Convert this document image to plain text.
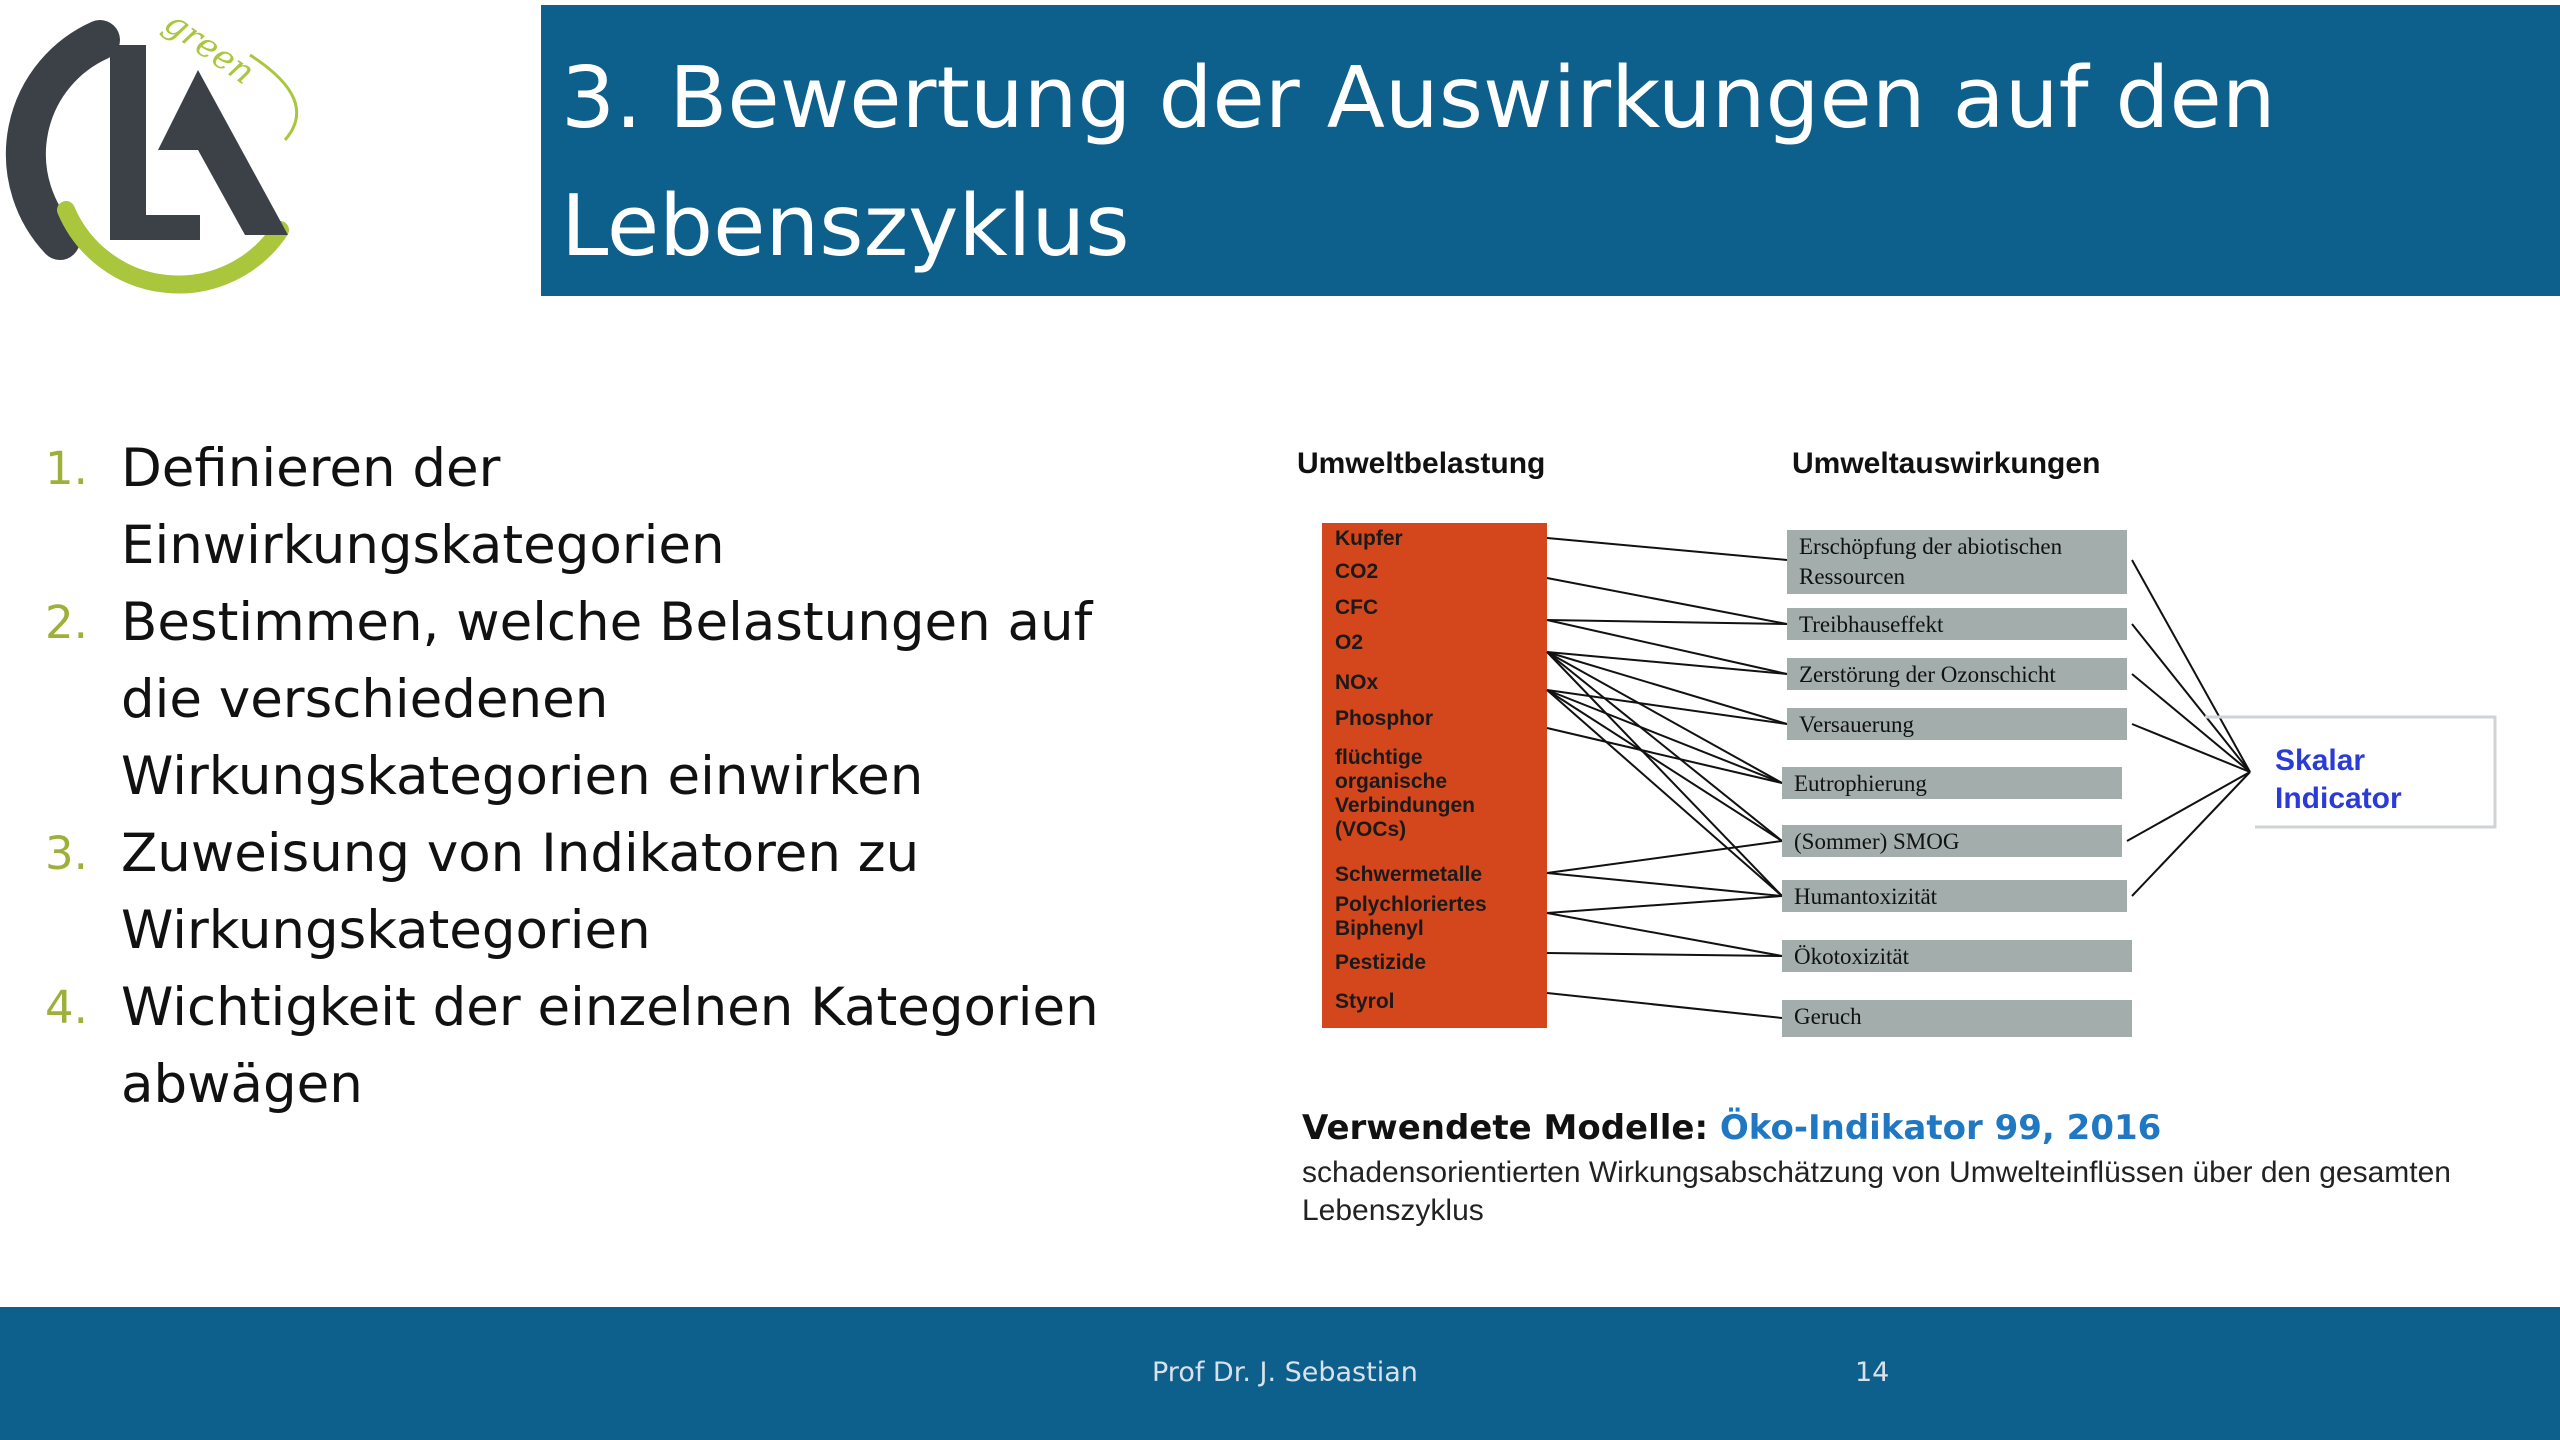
green
3. Bewertung der Auswirkungen auf den Lebenszyklus
1. Definieren der Einwirkungskategorien
2. Bestimmen, welche Belastungen auf die verschiedenen Wirkungskategorien einwirken
3. Zuweisung von Indikatoren zu Wirkungskategorien
4. Wichtigkeit der einzelnen Kategorien abwägen
Umweltbelastung	Umweltauswirkungen
Kupfer
CO2
CFC
O2
NOx
Phosphor
flüchtige
organische
Verbindungen
(VOCs)
Schwermetalle
Polychloriertes
Biphenyl
Pestizide
Styrol
Erschöpfung der abiotischen
Ressourcen
Treibhauseffekt
Zerstörung der Ozonschicht
Versauerung
Eutrophierung
(Sommer) SMOG
Humantoxizität
Ökotoxizität
Geruch
Skalar
Indicator

Verwendete Modelle: Öko-Indikator 99, 2016

schadensorientierten Wirkungsabschätzung von Umwelteinflüssen über den gesamten Lebenszyklus

Prof Dr. J. Sebastian	14
